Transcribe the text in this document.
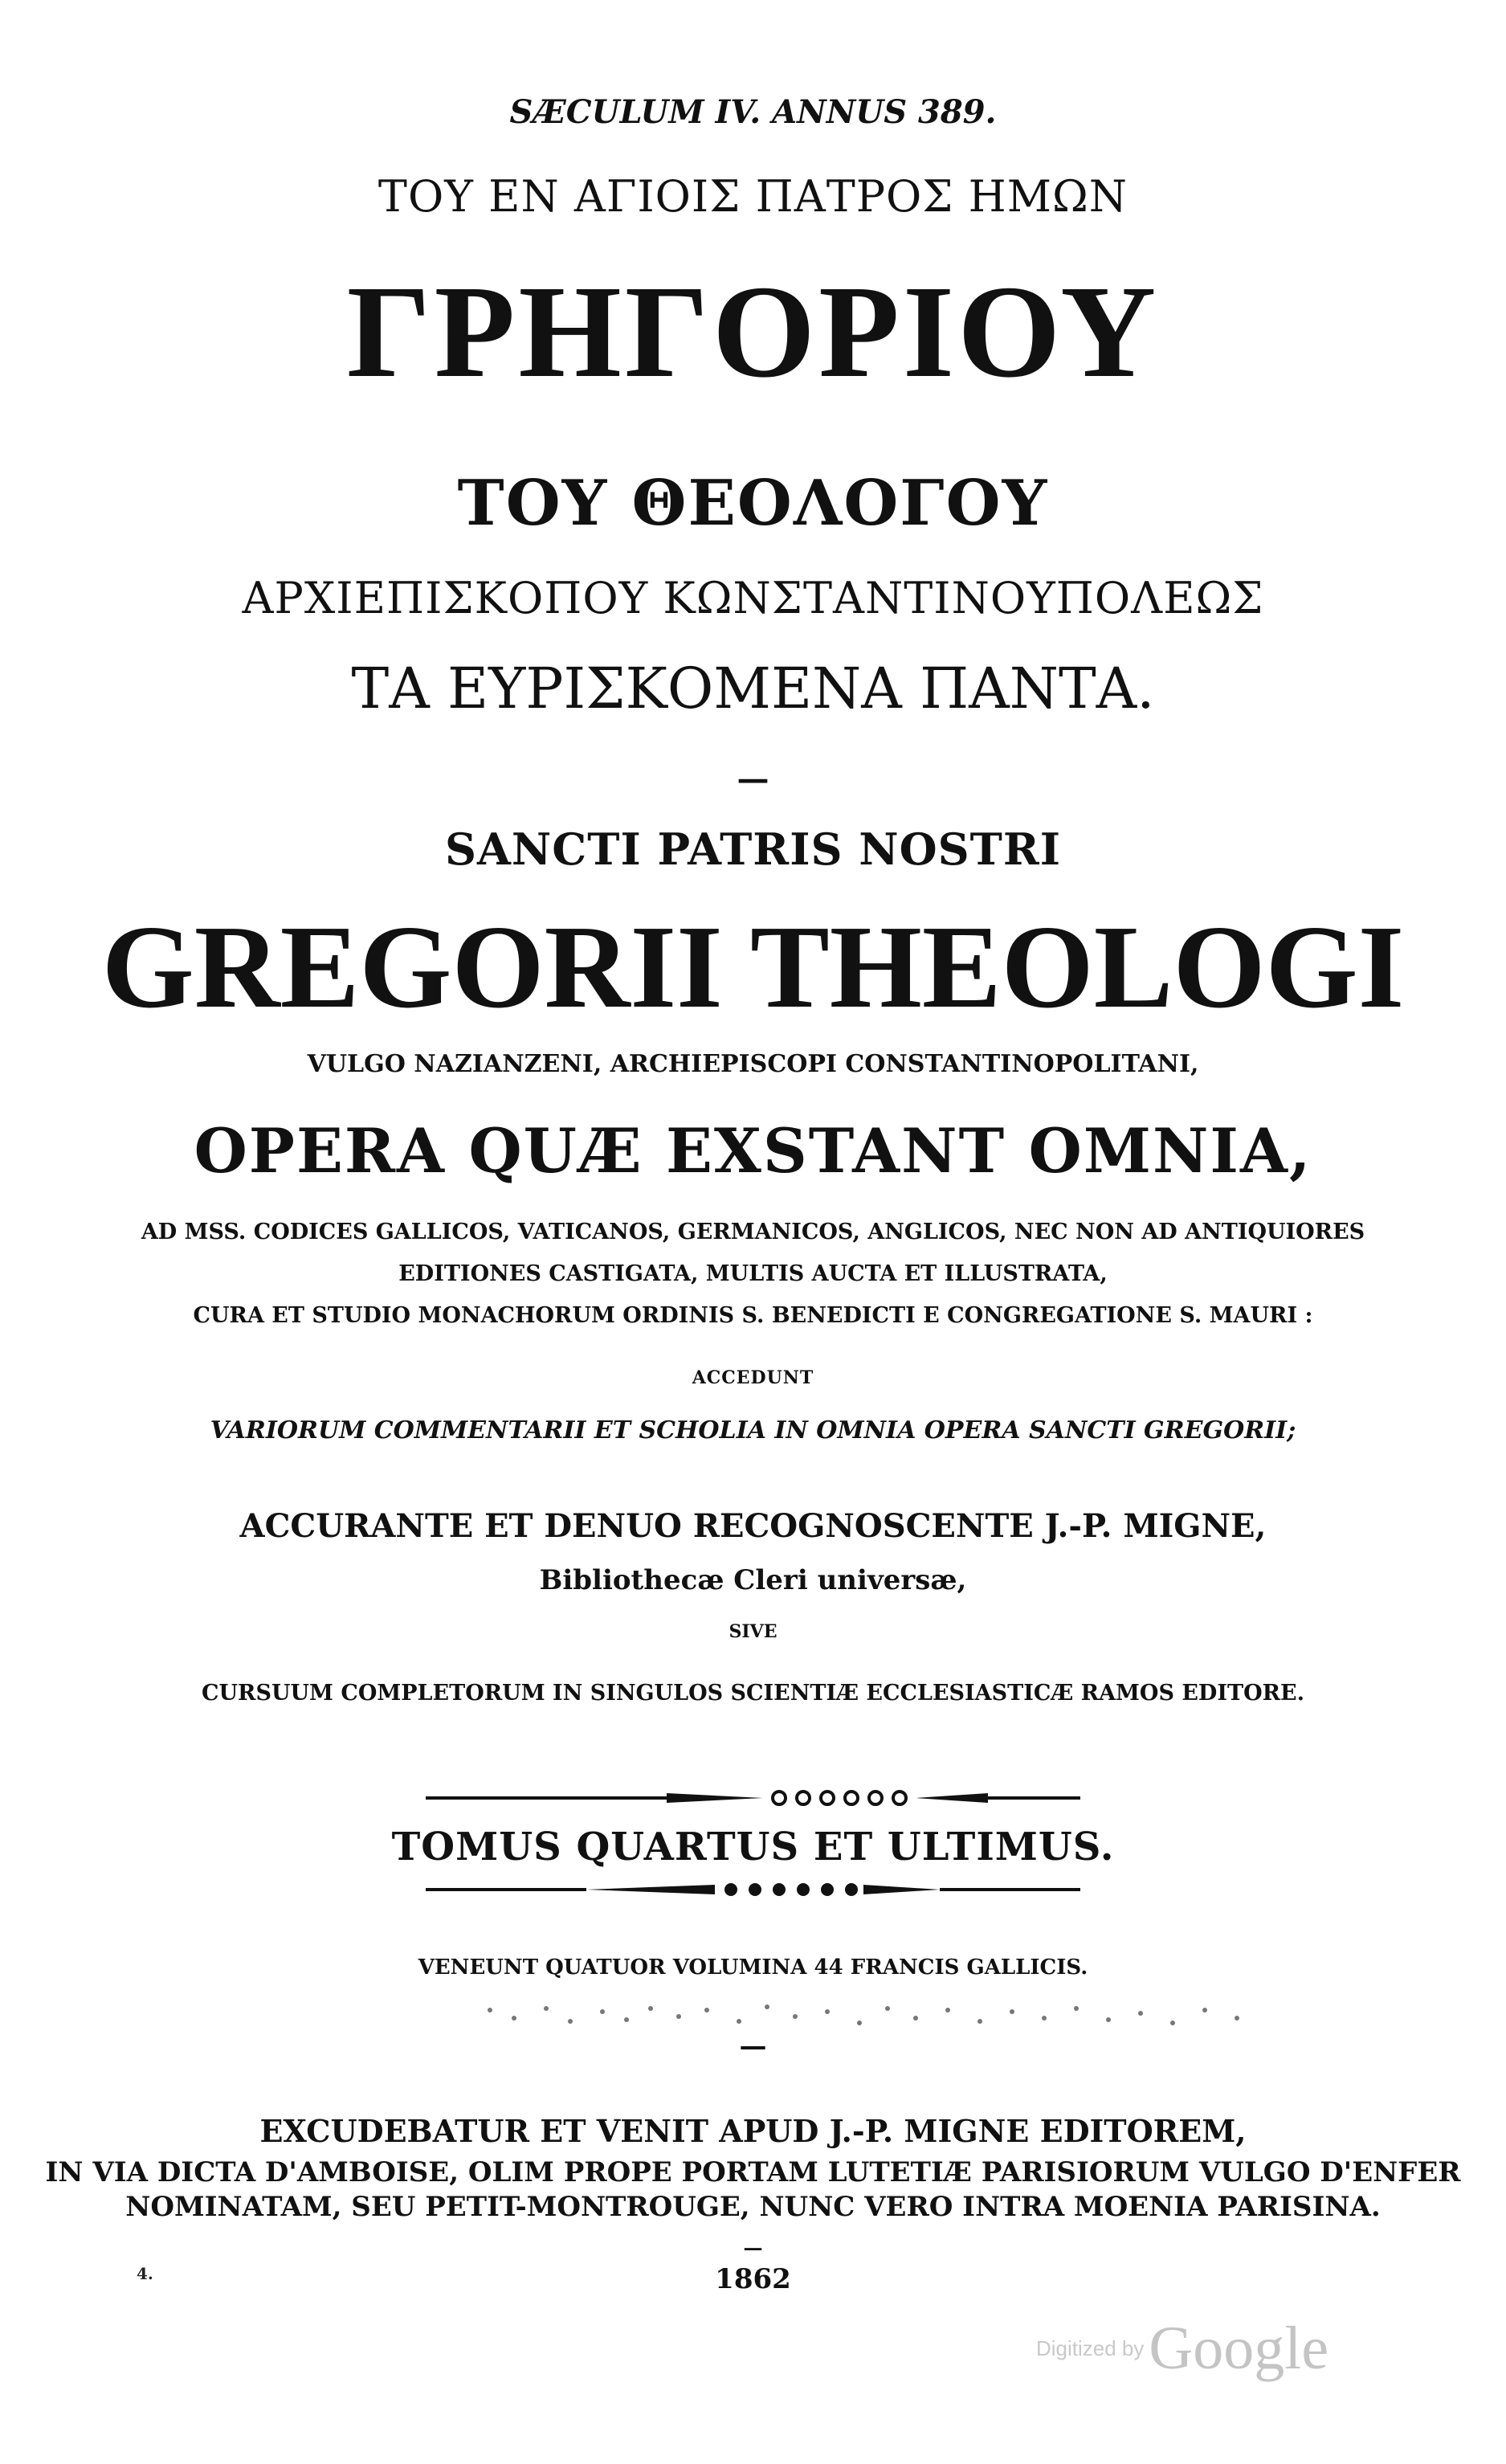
SÆCULUM IV. ANNUS 389.
ΤΟΥ ΕΝ ΑΓΙΟΙΣ ΠΑΤΡΟΣ ΗΜΩΝ
ΓΡΗΓΟΡΙΟΥ
ΤΟΥ ΘΕΟΛΟΓΟΥ
ΑΡΧΙΕΠΙΣΚΟΠΟΥ ΚΩΝΣΤΑΝΤΙΝΟΥΠΟΛΕΩΣ
ΤΑ ΕΥΡΙΣΚΟΜΕΝΑ ΠΑΝΤΑ.
—
SANCTI PATRIS NOSTRI
GREGORII THEOLOGI
VULGO NAZIANZENI, ARCHIEPISCOPI CONSTANTINOPOLITANI,
OPERA QUÆ EXSTANT OMNIA,
AD MSS. CODICES GALLICOS, VATICANOS, GERMANICOS, ANGLICOS, NEC NON AD ANTIQUIORES
EDITIONES CASTIGATA, MULTIS AUCTA ET ILLUSTRATA,
CURA ET STUDIO MONACHORUM ORDINIS S. BENEDICTI E CONGREGATIONE S. MAURI :
ACCEDUNT
VARIORUM COMMENTARII ET SCHOLIA IN OMNIA OPERA SANCTI GREGORII;
ACCURANTE ET DENUO RECOGNOSCENTE J.-P. MIGNE,
Bibliothecæ Cleri universæ,
SIVE
CURSUUM COMPLETORUM IN SINGULOS SCIENTIÆ ECCLESIASTICÆ RAMOS EDITORE.
TOMUS QUARTUS ET ULTIMUS.
VENEUNT QUATUOR VOLUMINA 44 FRANCIS GALLICIS.
—
EXCUDEBATUR ET VENIT APUD J.-P. MIGNE EDITOREM,
IN VIA DICTA D'AMBOISE, OLIM PROPE PORTAM LUTETIÆ PARISIORUM VULGO D'ENFER
NOMINATAM, SEU PETIT-MONTROUGE, NUNC VERO INTRA MOENIA PARISINA.
—
1862
4.
Digitized byGoogle
